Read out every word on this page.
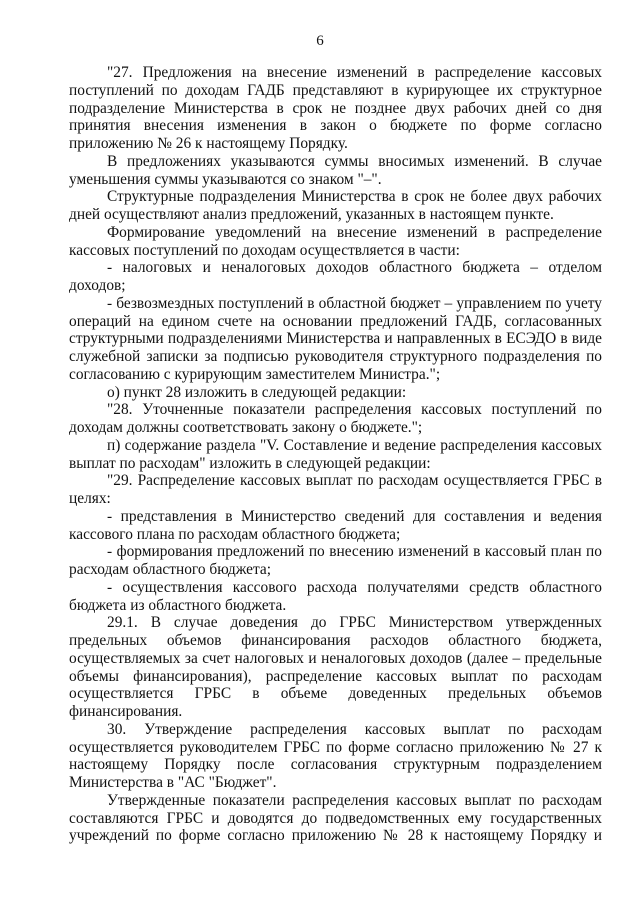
6

"27. Предложения на внесение изменений в распределение кассовых поступлений по доходам ГАДБ представляют в курирующее их структурное подразделение Министерства в срок не позднее двух рабочих дней со дня принятия внесения изменения в закон о бюджете по форме согласно приложению № 26 к настоящему Порядку.

В предложениях указываются суммы вносимых изменений. В случае уменьшения суммы указываются со знаком "–".

Структурные подразделения Министерства в срок не более двух рабочих дней осуществляют анализ предложений, указанных в настоящем пункте.

Формирование уведомлений на внесение изменений в распределение кассовых поступлений по доходам осуществляется в части:

- налоговых и неналоговых доходов областного бюджета – отделом доходов;

- безвозмездных поступлений в областной бюджет – управлением по учету операций на едином счете на основании предложений ГАДБ, согласованных структурными подразделениями Министерства и направленных в ЕСЭДО в виде служебной записки за подписью руководителя структурного подразделения по согласованию с курирующим заместителем Министра.";

о) пункт 28 изложить в следующей редакции:

"28. Уточненные показатели распределения кассовых поступлений по доходам должны соответствовать закону о бюджете.";

п) содержание раздела "V. Составление и ведение распределения кассовых выплат по расходам" изложить в следующей редакции:

"29. Распределение кассовых выплат по расходам осуществляется ГРБС в целях:

- представления в Министерство сведений для составления и ведения кассового плана по расходам областного бюджета;

- формирования предложений по внесению изменений в кассовый план по расходам областного бюджета;

- осуществления кассового расхода получателями средств областного бюджета из областного бюджета.

29.1. В случае доведения до ГРБС Министерством утвержденных предельных объемов финансирования расходов областного бюджета, осуществляемых за счет налоговых и неналоговых доходов (далее – предельные объемы финансирования), распределение кассовых выплат по расходам осуществляется ГРБС в объеме доведенных предельных объемов финансирования.

30. Утверждение распределения кассовых выплат по расходам осуществляется руководителем ГРБС по форме согласно приложению № 27 к настоящему Порядку после согласования структурным подразделением Министерства в "АС "Бюджет".

Утвержденные показатели распределения кассовых выплат по расходам составляются ГРБС и доводятся до подведомственных ему государственных учреждений по форме согласно приложению № 28 к настоящему Порядку и
